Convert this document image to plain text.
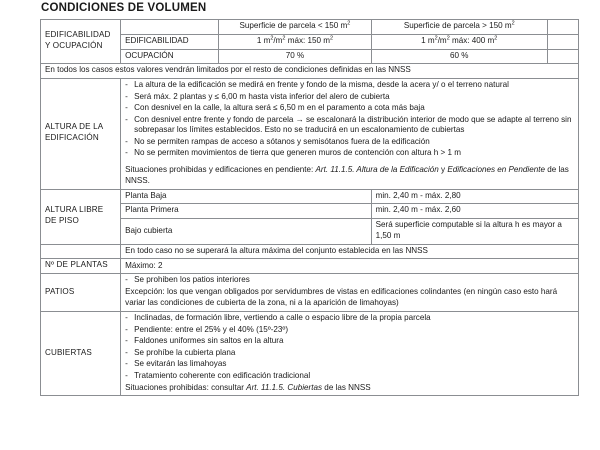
CONDICIONES DE VOLUMEN
EDIFICABILIDAD
Y OCUPACIÓN		Superficie de parcela < 150 $m^2$	Superficie de parcela > 150 $m^2$	
	EDIFICABILIDAD	1 $m^2/m^2$ máx: 150 $m^2$	1 $m^2/m^2$ máx: 400 $m^2$	
	OCUPACIÓN	70 %	60 %	
En todos los casos estos valores vendrán limitados por el resto de condiciones definidas en las NNSS				

ALTURA DE LA
EDIFICACIÓN

- La altura de la edificación se medirá en frente y fondo de la misma, desde la acera y/ o el terreno natural
- Será máx. 2 plantas y ≤ 6,00 m hasta vista inferior del alero de cubierta
- Con desnivel en la calle, la altura será ≤ 6,50 m en el paramento a cota más baja
- Con desnivel entre frente y fondo de parcela → se escalonará la distribución interior de modo que se adapte al terreno sin sobrepasar los límites establecidos. Esto no se traducirá en un escalonamiento de cubiertas
- No se permiten rampas de acceso a sótanos y semisótanos fuera de la edificación
- No se permiten movimientos de tierra que generen muros de contención con altura h > 1 m
Situaciones prohibidas y edificaciones en pendiente: Art. 11.1.5. Altura de la Edificación y Edificaciones en Pendiente de las NNSS.

ALTURA LIBRE
DE PISO	Planta Baja		min. 2,40 m - máx. 2,80	
	Planta Primera		min. 2,40 m - máx. 2,60	
	Bajo cubierta		Será superficie computable si la altura h es mayor a 1,50 m	
	En todo caso no se superará la altura máxima del conjunto establecida en las NNSS			
Nº DE PLANTAS	Máximo: 2			
PATIOS	
- Se prohiben los patios interiores
Excepción: los que vengan obligados por servidumbres de vistas en edificaciones colindantes (en ningún caso esto hará variar las condiciones de cubierta de la zona, ni a la aparición de limahoyas)

CUBIERTAS	
- Inclinadas, de formación libre, vertiendo a calle o espacio libre de la propia parcela
- Pendiente: entre el 25% y el 40% (15º-23º)
- Faldones uniformes sin saltos en la altura
- Se prohíbe la cubierta plana
- Se evitarán las limahoyas
- Tratamiento coherente con edificación tradicional
Situaciones prohibidas: consultar Art. 11.1.5. Cubiertas de las NNSS
